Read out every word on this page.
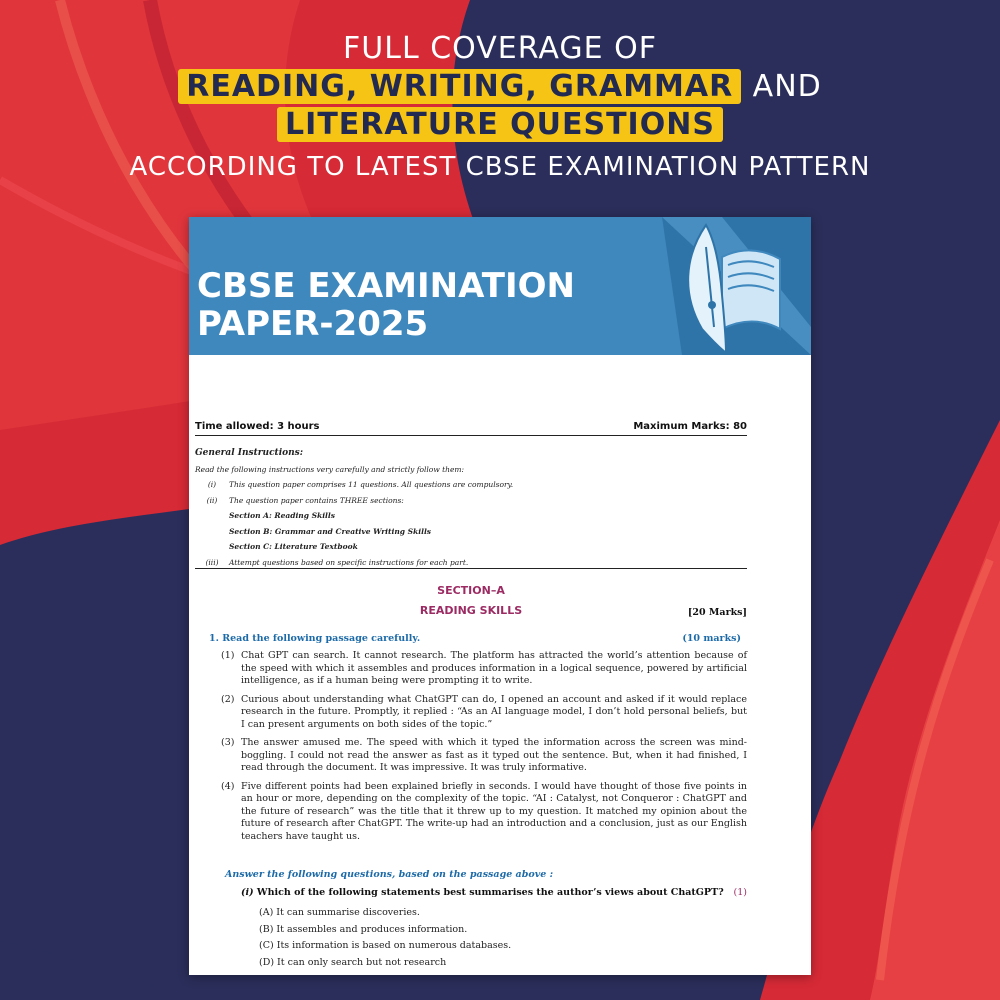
FULL COVERAGE OF
READING, WRITING, GRAMMAR AND
LITERATURE QUESTIONS
ACCORDING TO LATEST CBSE EXAMINATION PATTERN
CBSE EXAMINATION
PAPER-2025
Time allowed: 3 hours	Maximum Marks: 80
General Instructions:
Read the following instructions very carefully and strictly follow them:
(i)	This question paper comprises 11 questions. All questions are compulsory.
(ii)	The question paper contains THREE sections:
Section A: Reading Skills
Section B: Grammar and Creative Writing Skills
Section C: Literature Textbook
(iii)	Attempt questions based on specific instructions for each part.
SECTION–A
READING SKILLS	[20 Marks]
1. Read the following passage carefully.	(10 marks)
(1) Chat GPT can search. It cannot research. The platform has attracted the world’s attention because of the speed with which it assembles and produces information in a logical sequence, powered by artificial intelligence, as if a human being were prompting it to write.
(2) Curious about understanding what ChatGPT can do, I opened an account and asked if it would replace research in the future. Promptly, it replied : “As an AI language model, I don’t hold personal beliefs, but I can present arguments on both sides of the topic.”
(3) The answer amused me. The speed with which it typed the information across the screen was mind-boggling. I could not read the answer as fast as it typed out the sentence. But, when it had finished, I read through the document. It was impressive. It was truly informative.
(4) Five different points had been explained briefly in seconds. I would have thought of those five points in an hour or more, depending on the complexity of the topic. “AI : Catalyst, not Conqueror : ChatGPT and the future of research” was the title that it threw up to my question. It matched my opinion about the future of research after ChatGPT. The write-up had an introduction and a conclusion, just as our English teachers have taught us.
Answer the following questions, based on the passage above :
(i) Which of the following statements best summarises the author’s views about ChatGPT? (1)
(A) It can summarise discoveries.
(B) It assembles and produces information.
(C) Its information is based on numerous databases.
(D) It can only search but not research
